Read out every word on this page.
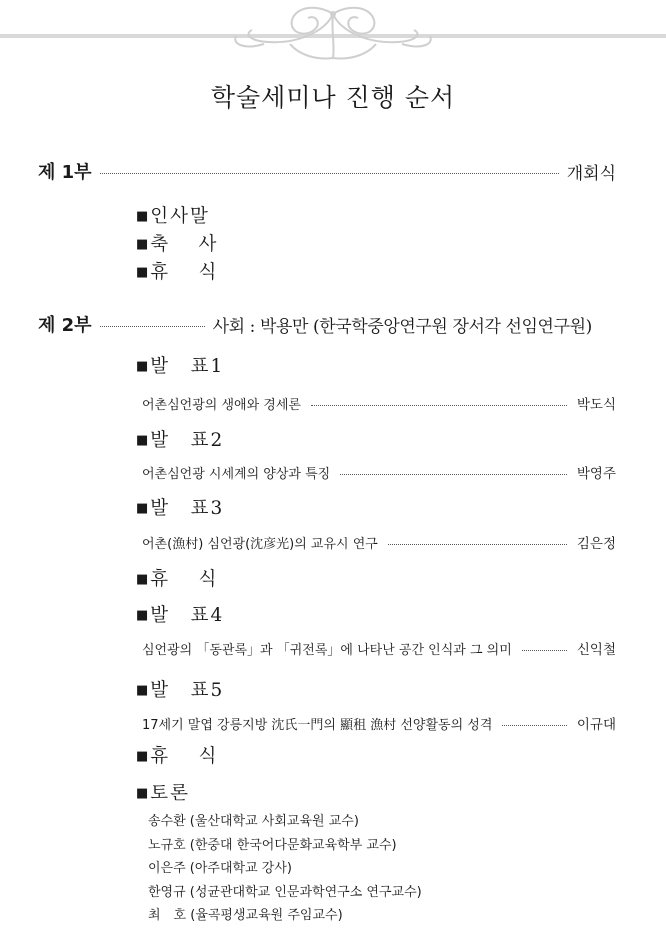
학술세미나 진행 순서
제 1부	개회식
■ 인사말
■ 축　 사
■ 휴　 식
제 2부	사회 : 박용만 (한국학중앙연구원 장서각 선임연구원)
■ 발　표1
어촌심언광의 생애와 경세론	박도식
■ 발　표2
어촌심언광 시세계의 양상과 특징	박영주
■ 발　표3
어촌(漁村) 심언광(沈彦光)의 교유시 연구	김은정
■ 휴　 식
■ 발　표4
심언광의 「동관록」과 「귀전록」에 나타난 공간 인식과 그 의미	신익철
■ 발　표5
17세기 말엽 강릉지방 沈氏一門의 顯租 漁村 선양활동의 성격	이규대
■ 휴　 식
■ 토론
송수환 (울산대학교 사회교육원 교수)
노규호 (한중대 한국어다문화교육학부 교수)
이은주 (아주대학교 강사)
한영규 (성균관대학교 인문과학연구소 연구교수)
최　호 (율곡평생교육원 주임교수)
